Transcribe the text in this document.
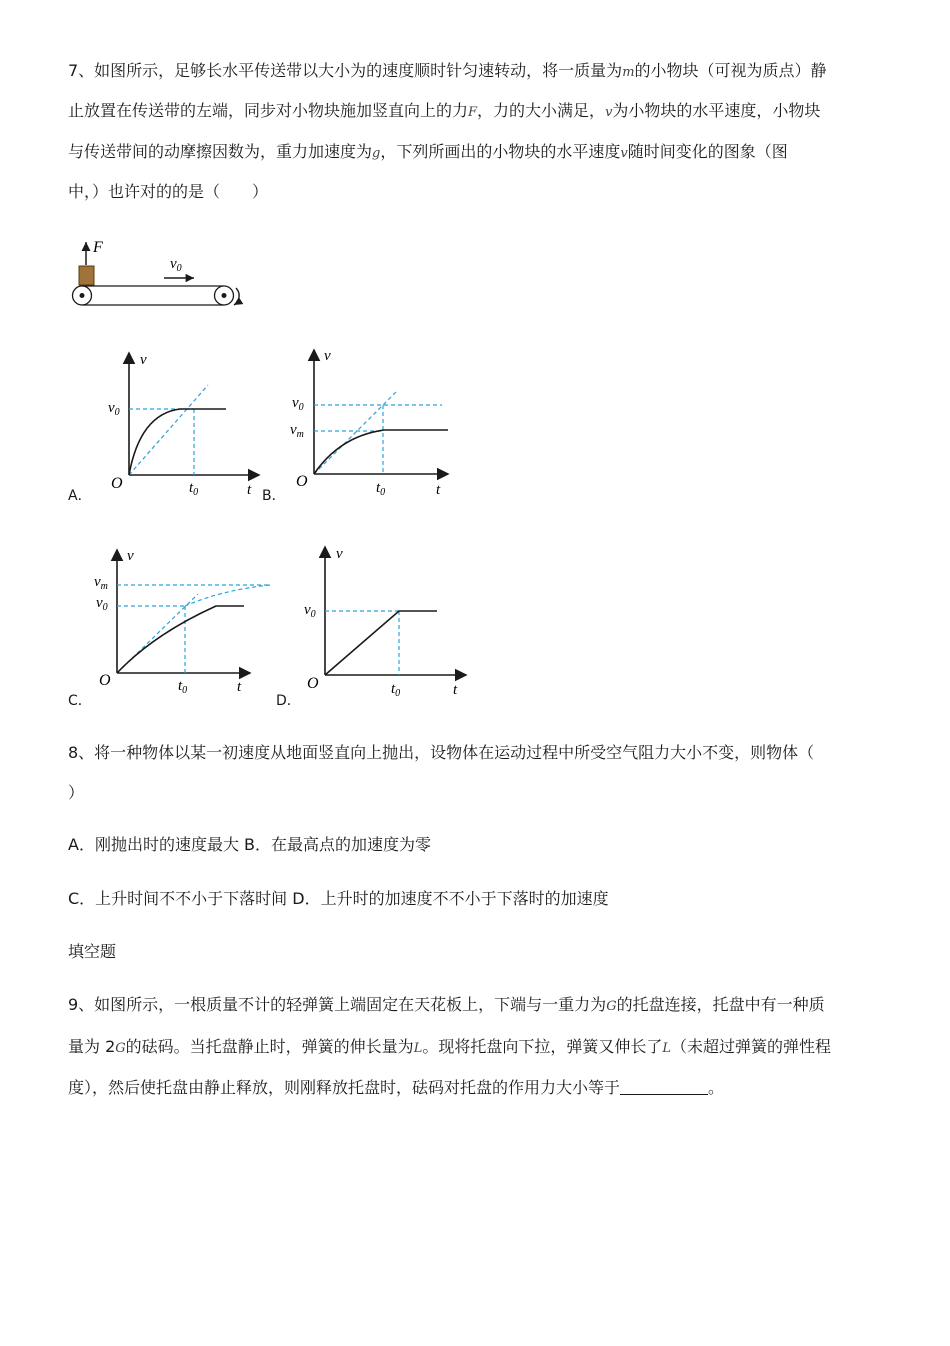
7、如图所示，足够长水平传送带以大小为的速度顺时针匀速转动，将一质量为m的小物块（可视为质点）静
止放置在传送带的左端，同步对小物块施加竖直向上的力F，力的大小满足，v为小物块的水平速度，小物块
与传送带间的动摩擦因数为，重力加速度为g，下列所画出的小物块的水平速度v随时间变化的图象（图
中，）也许对的的是（　　）
F
$v_0$
A．
v
t
O
$v_0$
$t_0$	B．
v
t
O
$v_0$
$v_m$
$t_0$
C．
v
t
O
$v_m$
$v_0$
$t_0$
D．
v
t
O
$v_0$
$t_0$
8、将一种物体以某一初速度从地面竖直向上抛出，设物体在运动过程中所受空气阻力大小不变，则物体（
）
A．刚抛出时的速度最大 B．在最高点的加速度为零
C．上升时间不不小于下落时间 D．上升时的加速度不不小于下落时的加速度
填空题
9、如图所示，一根质量不计的轻弹簧上端固定在天花板上，下端与一重力为G的托盘连接，托盘中有一种质
量为 2G的砝码。当托盘静止时，弹簧的伸长量为L。现将托盘向下拉，弹簧又伸长了L（未超过弹簧的弹性程
度），然后使托盘由静止释放，则刚释放托盘时，砝码对托盘的作用力大小等于	。
